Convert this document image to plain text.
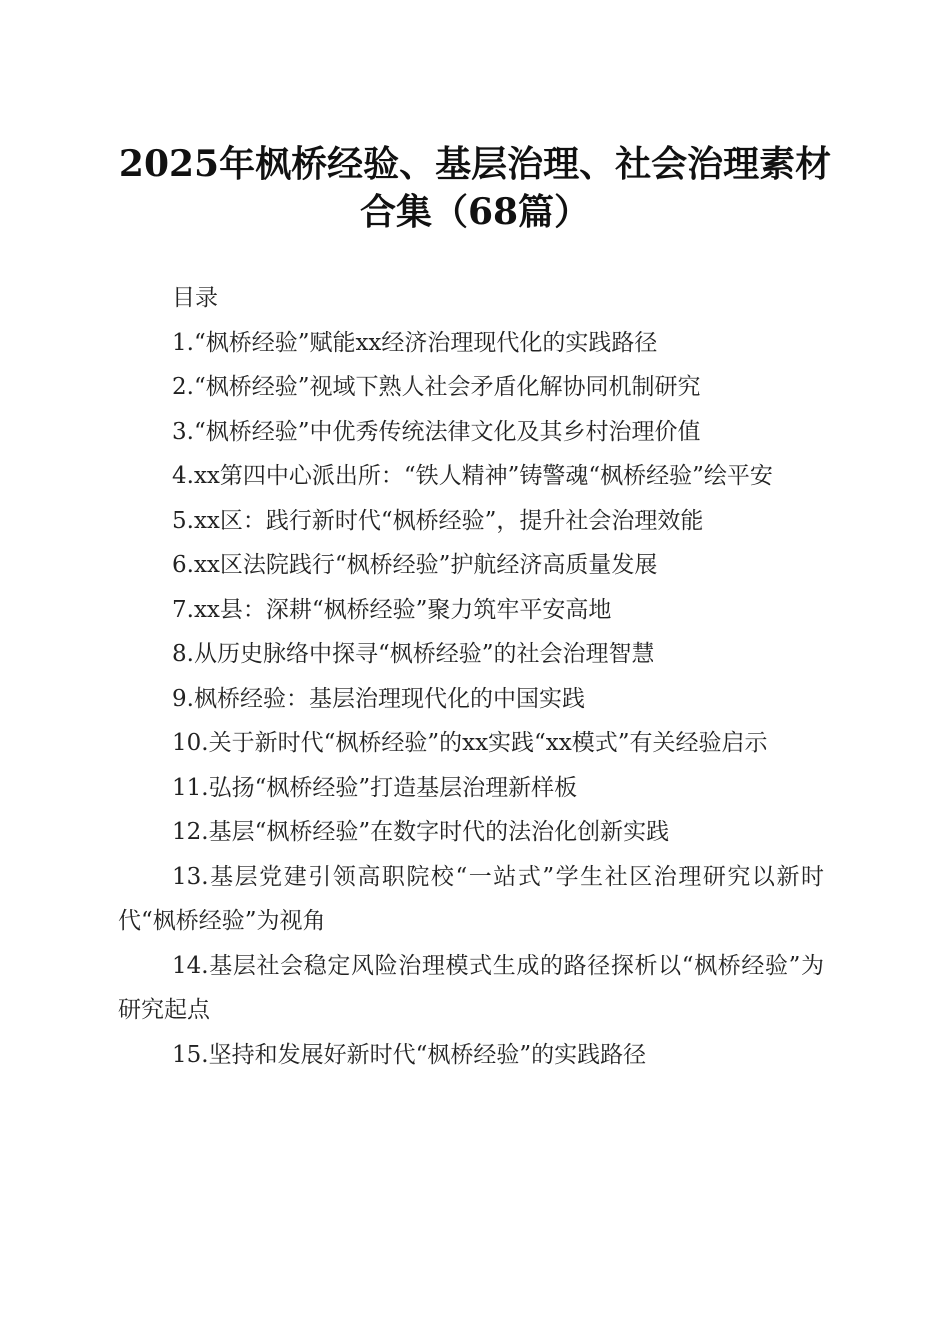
2025年枫桥经验、基层治理、社会治理素材
合集（68篇）
目录
1.“枫桥经验”赋能xx经济治理现代化的实践路径
2.“枫桥经验”视域下熟人社会矛盾化解协同机制研究
3.“枫桥经验”中优秀传统法律文化及其乡村治理价值
4.xx第四中心派出所：“铁人精神”铸警魂“枫桥经验”绘平安
5.xx区：践行新时代“枫桥经验”，提升社会治理效能
6.xx区法院践行“枫桥经验”护航经济高质量发展
7.xx县：深耕“枫桥经验”聚力筑牢平安高地
8.从历史脉络中探寻“枫桥经验”的社会治理智慧
9.枫桥经验：基层治理现代化的中国实践
10.关于新时代“枫桥经验”的xx实践“xx模式”有关经验启示
11.弘扬“枫桥经验”打造基层治理新样板
12.基层“枫桥经验”在数字时代的法治化创新实践
13.基层党建引领高职院校“一站式”学生社区治理研究以新时代“枫桥经验”为视角
14.基层社会稳定风险治理模式生成的路径探析以“枫桥经验”为研究起点
15.坚持和发展好新时代“枫桥经验”的实践路径
